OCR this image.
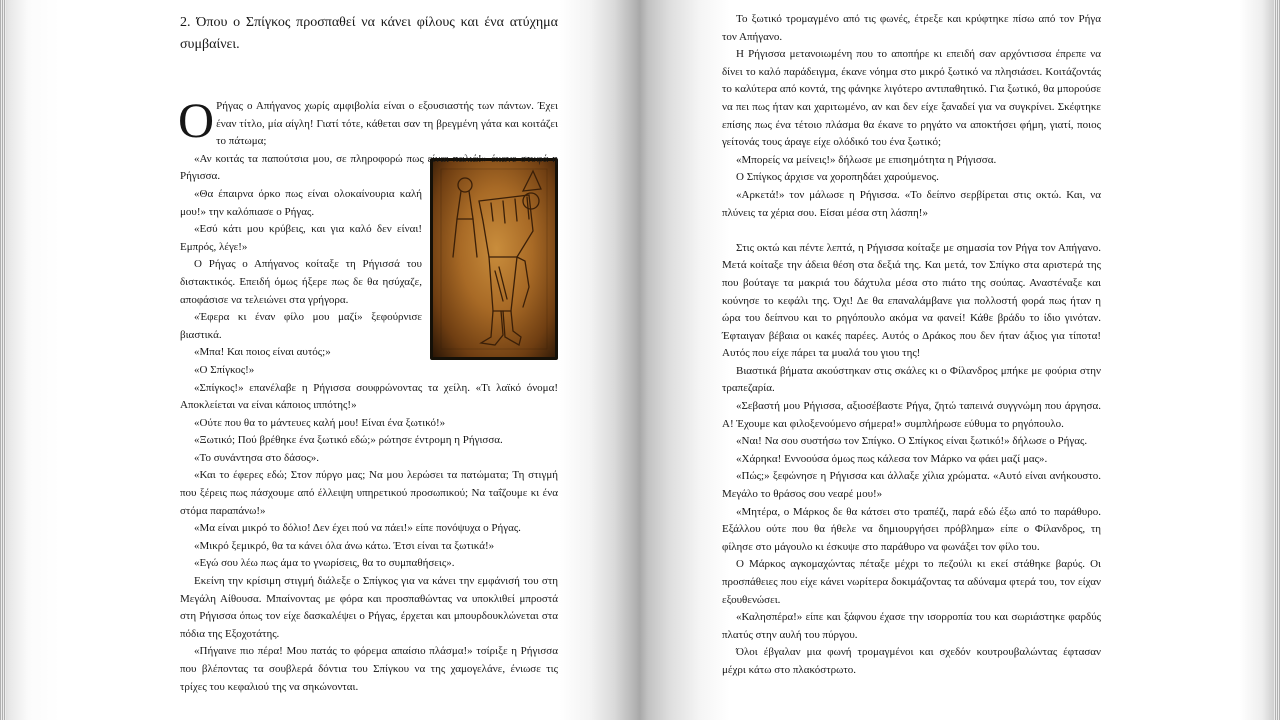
2. Όπου ο Σπίγκος προσπαθεί να κάνει φίλους και ένα ατύχημα συμβαίνει.

Ο Ρήγας ο Απήγανος χωρίς αμφιβολία είναι ο εξουσιαστής των πάντων. Έχει έναν τίτλο, μία αίγλη! Γιατί τότε, κάθεται σαν τη βρεγμένη γάτα και κοιτάζει το πάτωμα;

«Αν κοιτάς τα παπούτσια μου, σε πληροφορώ πως είναι παλιά!» έκανε στυφά η Ρήγισσα.

«Θα έπαιρνα όρκο πως είναι ολοκαίνουρια καλή μου!» την καλόπιασε ο Ρήγας.

«Εσύ κάτι μου κρύβεις, και για καλό δεν είναι! Εμπρός, λέγε!»

Ο Ρήγας ο Απήγανος κοίταξε τη Ρήγισσά του διστακτικός. Επειδή όμως ήξερε πως δε θα ησύχαζε, αποφάσισε να τελειώνει στα γρήγορα.

«Έφερα κι έναν φίλο μου μαζί» ξεφούρνισε βιαστικά.

«Μπα! Και ποιος είναι αυτός;»

«Ο Σπίγκος!»

«Σπίγκος!» επανέλαβε η Ρήγισσα σουφρώνοντας τα χείλη. «Τι λαϊκό όνομα! Αποκλείεται να είναι κάποιος ιππότης!»

«Ούτε που θα το μάντευες καλή μου! Είναι ένα ξωτικό!»

«Ξωτικό; Πού βρέθηκε ένα ξωτικό εδώ;» ρώτησε έντρομη η Ρήγισσα.

«Το συνάντησα στο δάσος».

«Και το έφερες εδώ; Στον πύργο μας; Να μου λερώσει τα πατώματα; Τη στιγμή που ξέρεις πως πάσχουμε από έλλειψη υπηρετικού προσωπικού; Να ταΐζουμε κι ένα στόμα παραπάνω!»

«Μα είναι μικρό το δόλιο! Δεν έχει πού να πάει!» είπε πονόψυχα ο Ρήγας.

«Μικρό ξεμικρό, θα τα κάνει όλα άνω κάτω. Έτσι είναι τα ξωτικά!»

«Εγώ σου λέω πως άμα το γνωρίσεις, θα το συμπαθήσεις».

Εκείνη την κρίσιμη στιγμή διάλεξε ο Σπίγκος για να κάνει την εμφάνισή του στη Μεγάλη Αίθουσα. Μπαίνοντας με φόρα και προσπαθώντας να υποκλιθεί μπροστά στη Ρήγισσα όπως τον είχε δασκαλέψει ο Ρήγας, έρχεται και μπουρδουκλώνεται στα πόδια της Εξοχοτάτης.

«Πήγαινε πιο πέρα! Μου πατάς το φόρεμα απαίσιο πλάσμα!» τσίριξε η Ρήγισσα που βλέποντας τα σουβλερά δόντια του Σπίγκου να της χαμογελάνε, ένιωσε τις τρίχες του κεφαλιού της να σηκώνονται.

Το ξωτικό τρομαγμένο από τις φωνές, έτρεξε και κρύφτηκε πίσω από τον Ρήγα τον Απήγανο.

Η Ρήγισσα μετανοιωμένη που το αποπήρε κι επειδή σαν αρχόντισσα έπρεπε να δίνει το καλό παράδειγμα, έκανε νόημα στο μικρό ξωτικό να πλησιάσει. Κοιτάζοντάς το καλύτερα από κοντά, της φάνηκε λιγότερο αντιπαθητικό. Για ξωτικό, θα μπορούσε να πει πως ήταν και χαριτωμένο, αν και δεν είχε ξαναδεί για να συγκρίνει. Σκέφτηκε επίσης πως ένα τέτοιο πλάσμα θα έκανε το ρηγάτο να αποκτήσει φήμη, γιατί, ποιος γείτονάς τους άραγε είχε ολόδικό του ένα ξωτικό;

«Μπορείς να μείνεις!» δήλωσε με επισημότητα η Ρήγισσα.

Ο Σπίγκος άρχισε να χοροπηδάει χαρούμενος.

«Αρκετά!» τον μάλωσε η Ρήγισσα. «Το δείπνο σερβίρεται στις οκτώ. Και, να πλύνεις τα χέρια σου. Είσαι μέσα στη λάσπη!»

Στις οκτώ και πέντε λεπτά, η Ρήγισσα κοίταξε με σημασία τον Ρήγα τον Απήγανο. Μετά κοίταξε την άδεια θέση στα δεξιά της. Και μετά, τον Σπίγκο στα αριστερά της που βούταγε τα μακριά του δάχτυλα μέσα στο πιάτο της σούπας. Αναστέναξε και κούνησε το κεφάλι της. Όχι! Δε θα επαναλάμβανε για πολλοστή φορά πως ήταν η ώρα του δείπνου και το ρηγόπουλο ακόμα να φανεί! Κάθε βράδυ το ίδιο γινόταν. Έφταιγαν βέβαια οι κακές παρέες. Αυτός ο Δράκος που δεν ήταν άξιος για τίποτα! Αυτός που είχε πάρει τα μυαλά του γιου της!

Βιαστικά βήματα ακούστηκαν στις σκάλες κι ο Φίλανδρος μπήκε με φούρια στην τραπεζαρία.

«Σεβαστή μου Ρήγισσα, αξιοσέβαστε Ρήγα, ζητώ ταπεινά συγγνώμη που άργησα. Α! Έχουμε και φιλοξενούμενο σήμερα!» συμπλήρωσε εύθυμα το ρηγόπουλο.

«Ναι! Να σου συστήσω τον Σπίγκο. Ο Σπίγκος είναι ξωτικό!» δήλωσε ο Ρήγας.

«Χάρηκα! Εννοούσα όμως πως κάλεσα τον Μάρκο να φάει μαζί μας».

«Πώς;» ξεφώνησε η Ρήγισσα και άλλαξε χίλια χρώματα. «Αυτό είναι ανήκουστο. Μεγάλο το θράσος σου νεαρέ μου!»

«Μητέρα, ο Μάρκος δε θα κάτσει στο τραπέζι, παρά εδώ έξω από το παράθυρο. Εξάλλου ούτε που θα ήθελε να δημιουργήσει πρόβλημα» είπε ο Φίλανδρος, τη φίλησε στο μάγουλο κι έσκυψε στο παράθυρο να φωνάξει τον φίλο του.

Ο Μάρκος αγκομαχώντας πέταξε μέχρι το πεζούλι κι εκεί στάθηκε βαρύς. Οι προσπάθειες που είχε κάνει νωρίτερα δοκιμάζοντας τα αδύναμα φτερά του, τον είχαν εξουθενώσει.

«Καλησπέρα!» είπε και ξάφνου έχασε την ισορροπία του και σωριάστηκε φαρδύς πλατύς στην αυλή του πύργου.

Όλοι έβγαλαν μια φωνή τρομαγμένοι και σχεδόν κουτρουβαλώντας έφτασαν μέχρι κάτω στο πλακόστρωτο.
